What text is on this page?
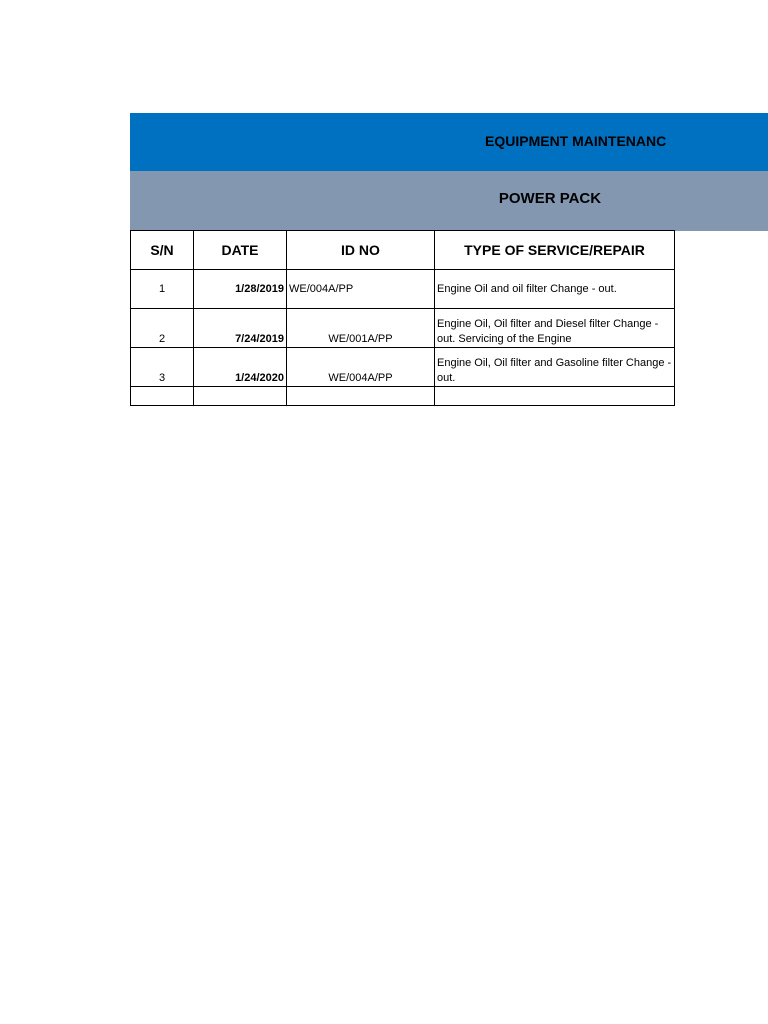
EQUIPMENT MAINTENANC
POWER PACK
S/N	DATE	ID NO	TYPE OF SERVICE/REPAIR
1	1/28/2019	WE/004A/PP	Engine Oil and oil filter Change - out.
2	7/24/2019	WE/001A/PP	Engine Oil, Oil filter and Diesel filter Change - out. Servicing of the Engine
3	1/24/2020	WE/004A/PP	Engine Oil, Oil filter and Gasoline filter Change - out.
